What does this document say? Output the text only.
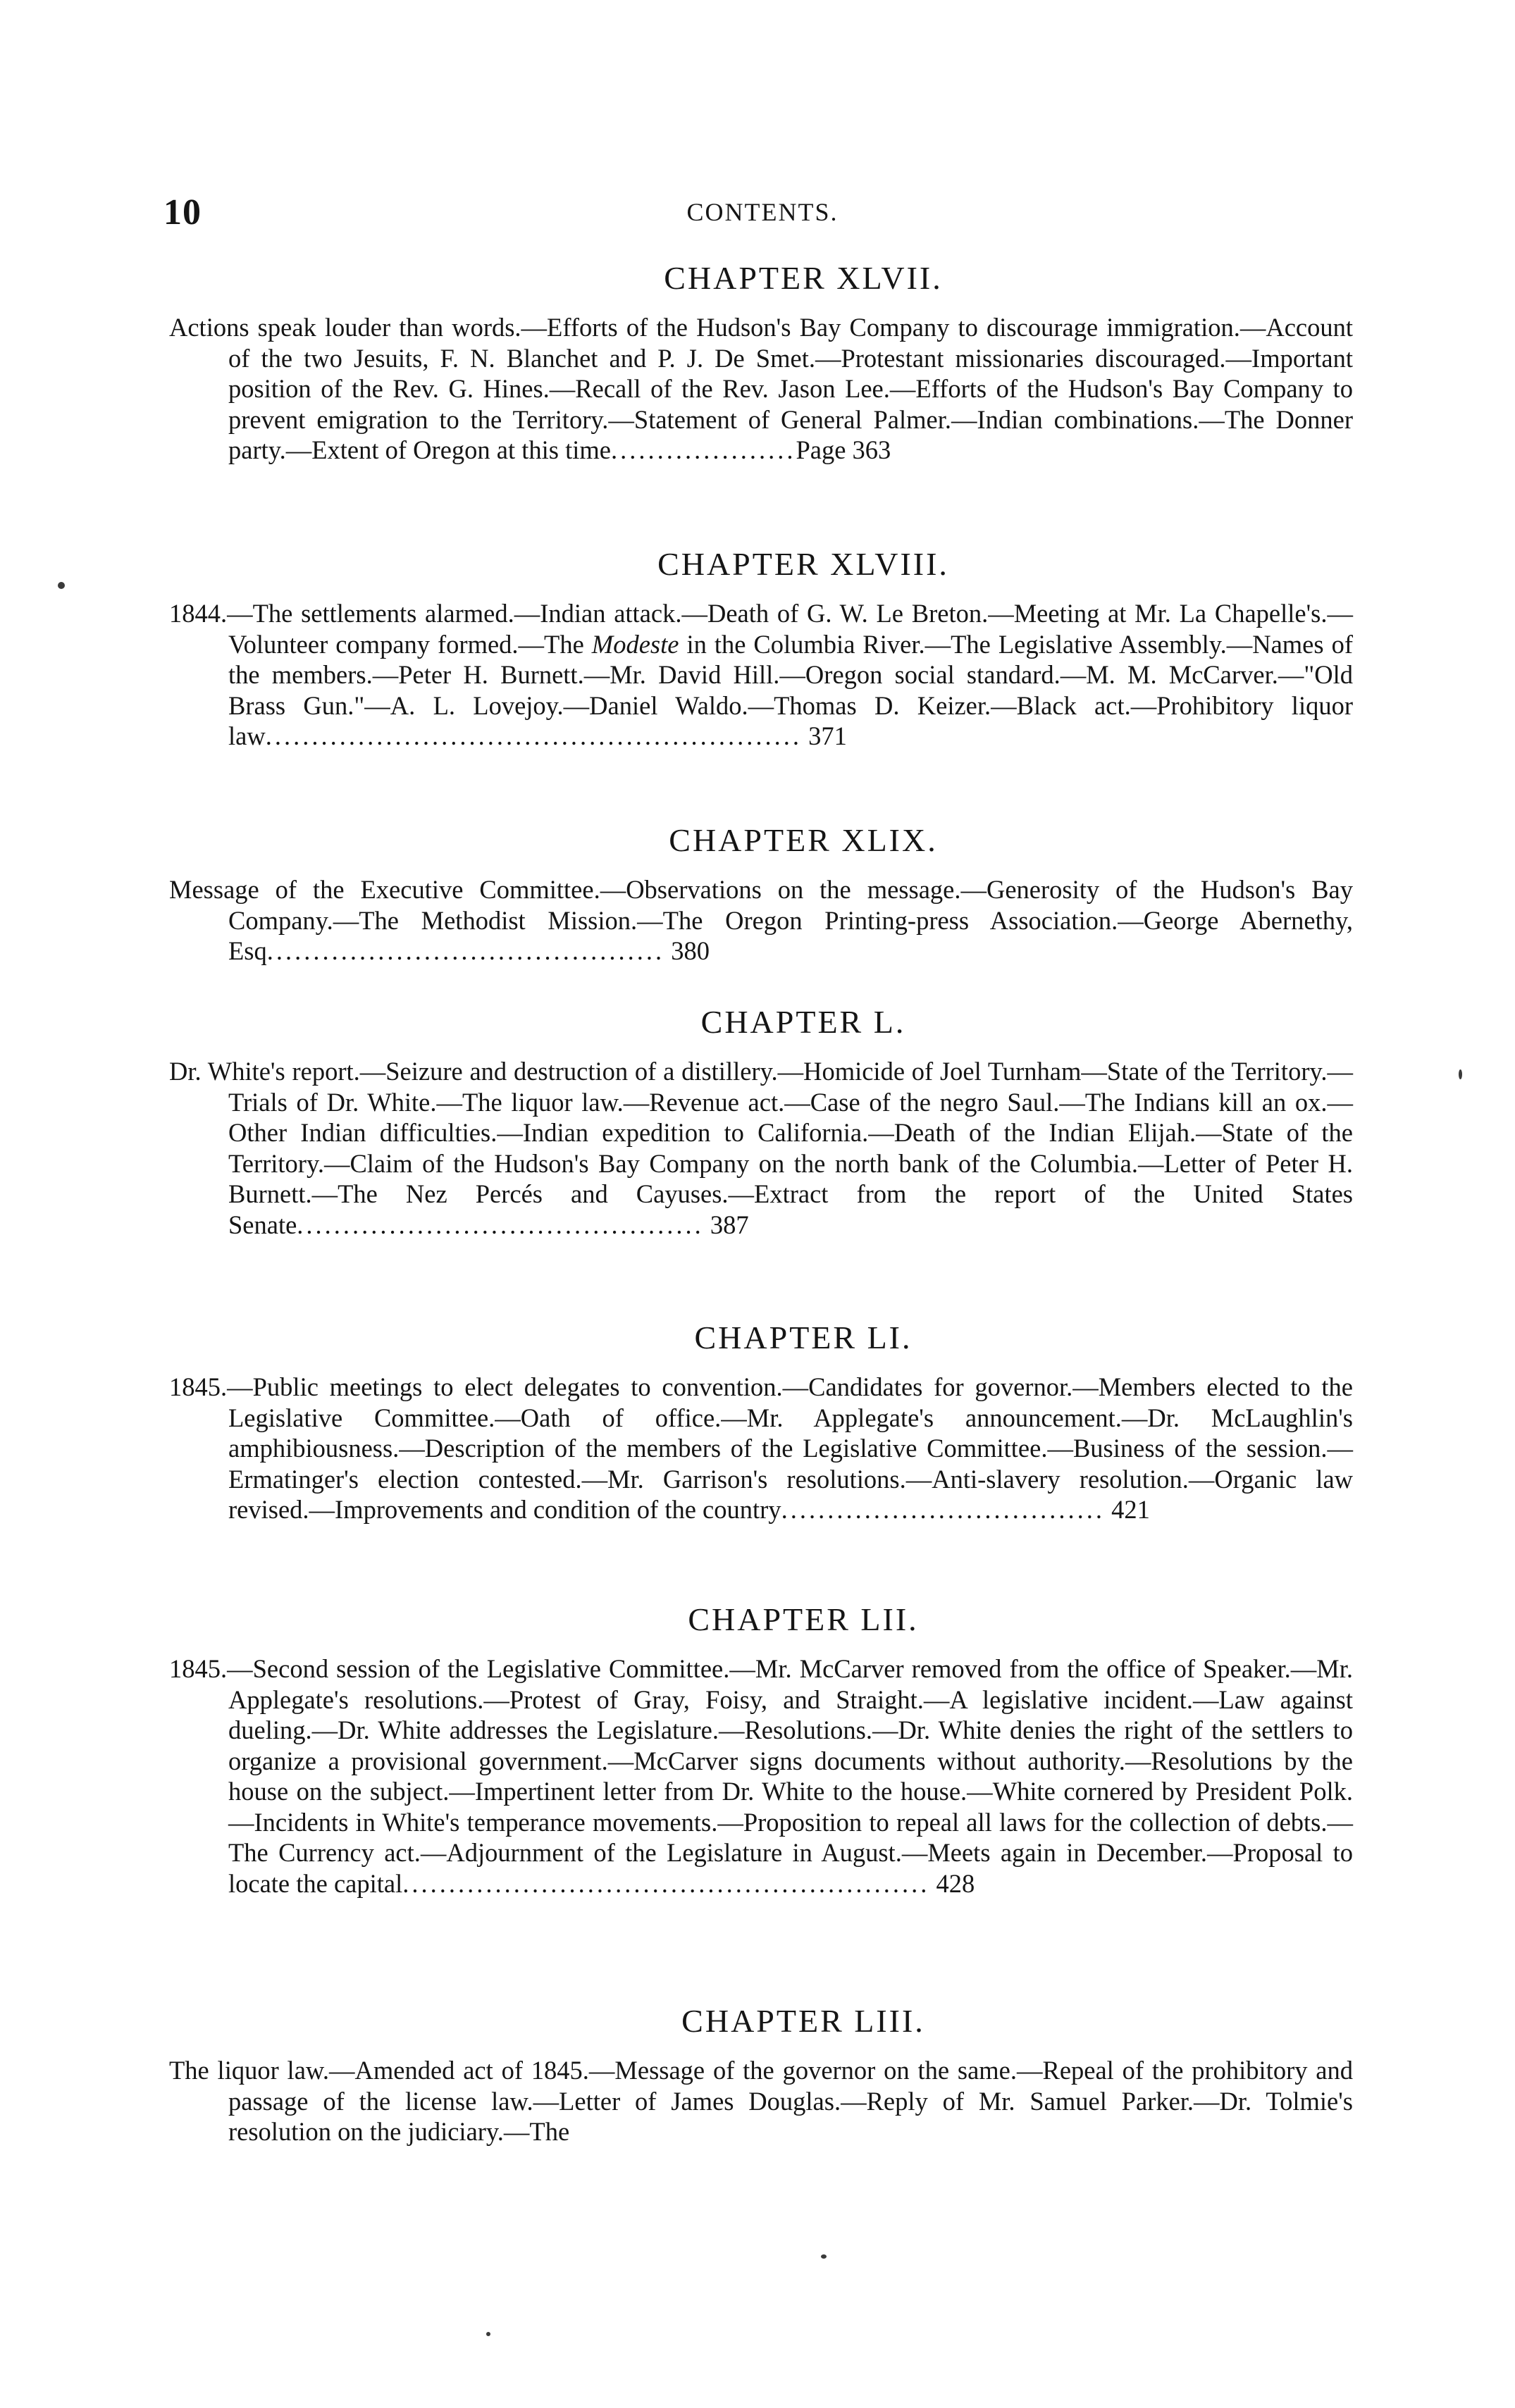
10	CONTENTS.
CHAPTER XLVII.

Actions speak louder than words.—Efforts of the Hudson's Bay Company to discourage immigration.—Account of the two Jesuits, F. N. Blanchet and P. J. De Smet.—Protestant missionaries discouraged.—Important position of the Rev. G. Hines.—Recall of the Rev. Jason Lee.—Efforts of the Hudson's Bay Company to prevent emigration to the Territory.—Statement of General Palmer.—Indian combinations.—The Donner party.—Extent of Oregon at this time....................Page 363

CHAPTER XLVIII.

1844.—The settlements alarmed.—Indian attack.—Death of G. W. Le Breton.—Meeting at Mr. La Chapelle's.—Volunteer company formed.—The Modeste in the Columbia River.—The Legislative Assembly.—Names of the members.—Peter H. Burnett.—Mr. David Hill.—Oregon social standard.—M. M. McCarver.—"Old Brass Gun."—A. L. Lovejoy.—Daniel Waldo.—Thomas D. Keizer.—Black act.—Prohibitory liquor law.......................................................... 371

CHAPTER XLIX.

Message of the Executive Committee.—Observations on the message.—Generosity of the Hudson's Bay Company.—The Methodist Mission.—The Oregon Printing-press Association.—George Abernethy, Esq........................................... 380

CHAPTER L.

Dr. White's report.—Seizure and destruction of a distillery.—Homicide of Joel Turnham—State of the Territory.—Trials of Dr. White.—The liquor law.—Revenue act.—Case of the negro Saul.—The Indians kill an ox.—Other Indian difficulties.—Indian expedition to California.—Death of the Indian Elijah.—State of the Territory.—Claim of the Hudson's Bay Company on the north bank of the Columbia.—Letter of Peter H. Burnett.—The Nez Percés and Cayuses.—Extract from the report of the United States Senate............................................ 387

CHAPTER LI.

1845.—Public meetings to elect delegates to convention.—Candidates for governor.—Members elected to the Legislative Committee.—Oath of office.—Mr. Applegate's announcement.—Dr. McLaughlin's amphibiousness.—Description of the members of the Legislative Committee.—Business of the session.—Ermatinger's election contested.—Mr. Garrison's resolutions.—Anti-slavery resolution.—Organic law revised.—Improvements and condition of the country................................... 421

CHAPTER LII.

1845.—Second session of the Legislative Committee.—Mr. McCarver removed from the office of Speaker.—Mr. Applegate's resolutions.—Protest of Gray, Foisy, and Straight.—A legislative incident.—Law against dueling.—Dr. White addresses the Legislature.—Resolutions.—Dr. White denies the right of the settlers to organize a provisional government.—McCarver signs documents without authority.—Resolutions by the house on the subject.—Impertinent letter from Dr. White to the house.—White cornered by President Polk.—Incidents in White's temperance movements.—Proposition to repeal all laws for the collection of debts.—The Currency act.—Adjournment of the Legislature in August.—Meets again in December.—Proposal to locate the capital......................................................... 428

CHAPTER LIII.

The liquor law.—Amended act of 1845.—Message of the governor on the same.—Repeal of the prohibitory and passage of the license law.—Letter of James Douglas.—Reply of Mr. Samuel Parker.—Dr. Tolmie's resolution on the judiciary.—The
